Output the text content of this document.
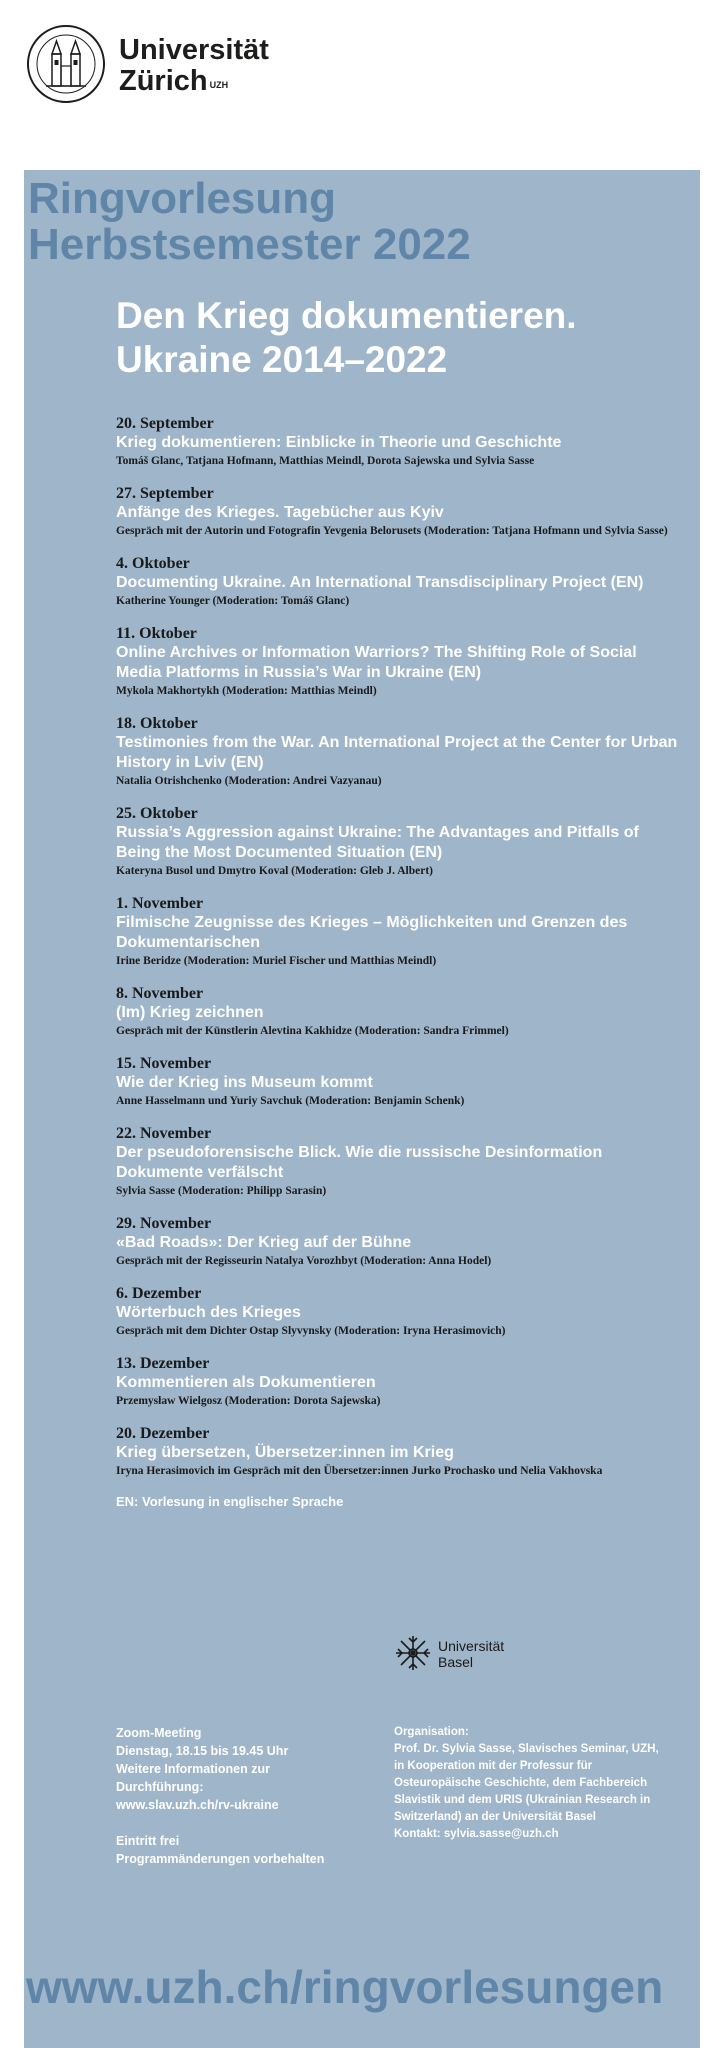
Universität
Zürich $^{UZH}$
Ringvorlesung
Herbstsemester 2022
Den Krieg dokumentieren.
Ukraine 2014–2022
20. September
Krieg dokumentieren: Einblicke in Theorie und Geschichte
Tomáš Glanc, Tatjana Hofmann, Matthias Meindl, Dorota Sajewska und Sylvia Sasse
27. September
Anfänge des Krieges. Tagebücher aus Kyiv
Gespräch mit der Autorin und Fotografin Yevgenia Belorusets (Moderation: Tatjana Hofmann und Sylvia Sasse)
4. Oktober
Documenting Ukraine. An International Transdisciplinary Project (EN)
Katherine Younger (Moderation: Tomáš Glanc)
11. Oktober
Online Archives or Information Warriors? The Shifting Role of Social Media Platforms in Russia’s War in Ukraine (EN)
Mykola Makhortykh (Moderation: Matthias Meindl)
18. Oktober
Testimonies from the War. An International Project at the Center for Urban History in Lviv (EN)
Natalia Otrishchenko (Moderation: Andrei Vazyanau)
25. Oktober
Russia’s Aggression against Ukraine: The Advantages and Pitfalls of Being the Most Documented Situation (EN)
Kateryna Busol und Dmytro Koval (Moderation: Gleb J. Albert)
1. November
Filmische Zeugnisse des Krieges – Möglichkeiten und Grenzen des Dokumentarischen
Irine Beridze (Moderation: Muriel Fischer und Matthias Meindl)
8. November
(Im) Krieg zeichnen
Gespräch mit der Künstlerin Alevtina Kakhidze (Moderation: Sandra Frimmel)
15. November
Wie der Krieg ins Museum kommt
Anne Hasselmann und Yuriy Savchuk (Moderation: Benjamin Schenk)
22. November
Der pseudoforensische Blick. Wie die russische Desinformation Dokumente verfälscht
Sylvia Sasse (Moderation: Philipp Sarasin)
29. November
«Bad Roads»: Der Krieg auf der Bühne
Gespräch mit der Regisseurin Natalya Vorozhbyt (Moderation: Anna Hodel)
6. Dezember
Wörterbuch des Krieges
Gespräch mit dem Dichter Ostap Slyvynsky (Moderation: Iryna Herasimovich)
13. Dezember
Kommentieren als Dokumentieren
Przemysław Wielgosz (Moderation: Dorota Sajewska)
20. Dezember
Krieg übersetzen, Übersetzer:innen im Krieg
Iryna Herasimovich im Gespräch mit den Übersetzer:innen Jurko Prochasko und Nelia Vakhovska
EN: Vorlesung in englischer Sprache
Universität
Basel
Zoom-Meeting
Dienstag, 18.15 bis 19.45 Uhr
Weitere Informationen zur
Durchführung:
www.slav.uzh.ch/rv-ukraine
Eintritt frei
Programmänderungen vorbehalten
Organisation:
Prof. Dr. Sylvia Sasse, Slavisches Seminar, UZH,
in Kooperation mit der Professur für
Osteuropäische Geschichte, dem Fachbereich
Slavistik und dem URIS (Ukrainian Research in
Switzerland) an der Universität Basel
Kontakt: sylvia.sasse@uzh.ch
www.uzh.ch/ringvorlesungen
